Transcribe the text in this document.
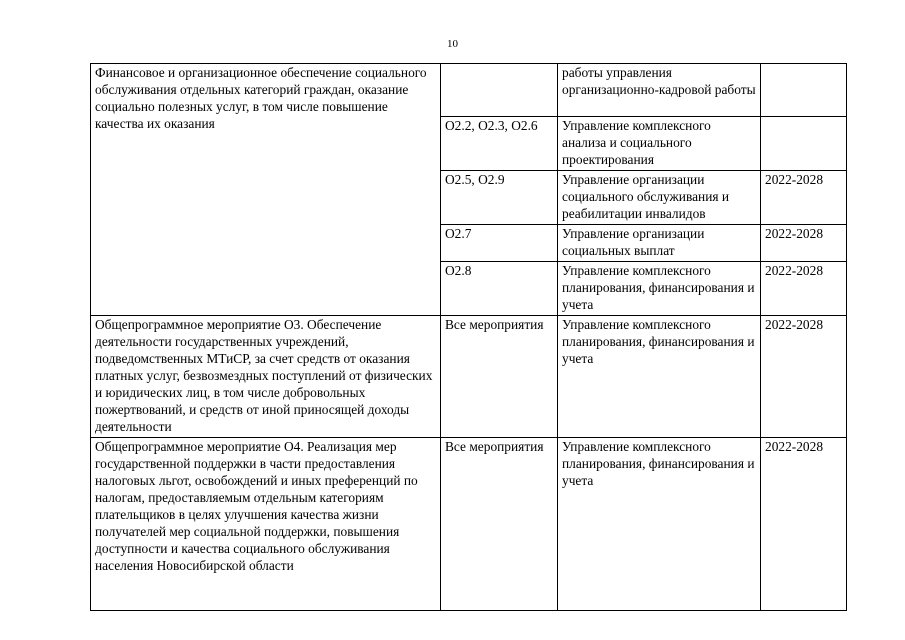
10
Финансовое и организационное обеспечение социального обслуживания отдельных категорий граждан, оказание социально полезных услуг, в том числе повышение качества их оказания		работы управления организационно-кадровой работы	

	О2.2, О2.3, О2.6	Управление комплексного анализа и социального проектирования	

	О2.5, О2.9	Управление организации социального обслуживания и реабилитации инвалидов	2022-2028

	О2.7	Управление организации социальных выплат	2022-2028

	О2.8	Управление комплексного планирования, финансирования и учета	2022-2028

Общепрограммное мероприятие О3. Обеспечение деятельности государственных учреждений, подведомственных МТиСР, за счет средств от оказания платных услуг, безвозмездных поступлений от физических и юридических лиц, в том числе добровольных пожертвований, и средств от иной приносящей доходы деятельности	Все мероприятия	Управление комплексного планирования, финансирования и учета	2022-2028

Общепрограммное мероприятие О4. Реализация мер государственной поддержки в части предоставления налоговых льгот, освобождений и иных преференций по налогам, предоставляемым отдельным категориям плательщиков в целях улучшения качества жизни получателей мер социальной поддержки, повышения доступности и качества социального обслуживания населения Новосибирской области	Все мероприятия	Управление комплексного планирования, финансирования и учета	2022-2028
